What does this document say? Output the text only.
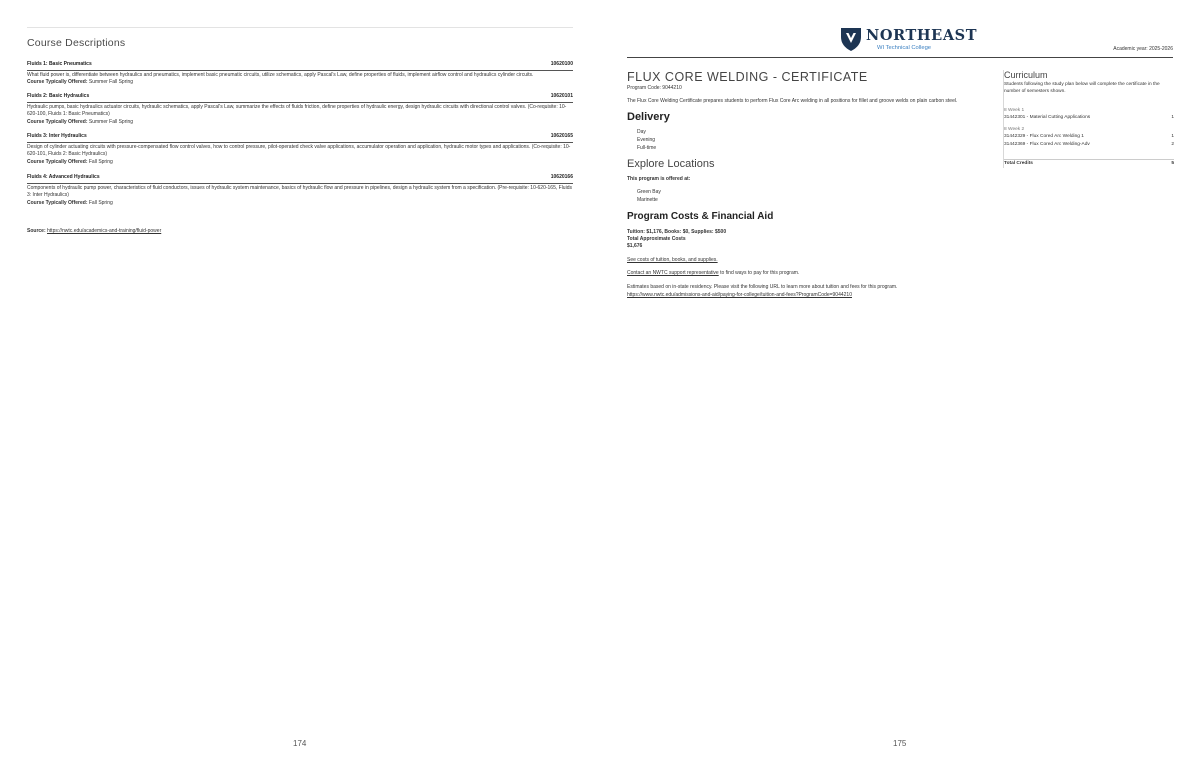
Course Descriptions
Fluids 1: Basic Pneumatics	10620100

What fluid power is, differentiate between hydraulics and pneumatics, implement basic pneumatic circuits, utilize schematics, apply Pascal's Law, define properties of fluids, implement airflow control and hydraulics cylinder circuits.

Course Typically Offered: Summer Fall Spring
Fluids 2: Basic Hydraulics	10620101

Hydraulic pumps, basic hydraulics actuator circuits, hydraulic schematics, apply Pascal's Law, summarize the effects of fluids friction, define properties of hydraulic energy, design hydraulic circuits with directional control valves. (Co-requisite: 10-620-100, Fluids 1: Basic Pneumatics)

Course Typically Offered: Summer Fall Spring
Fluids 3: Inter Hydraulics	10620165

Design of cylinder actuating circuits with pressure-compensated flow control valves, how to control pressure, pilot-operated check valve applications, accumulator operation and application, hydraulic motor types and applications. (Co-requisite: 10-620-101, Fluids 2: Basic Hydraulics)

Course Typically Offered: Fall Spring
Fluids 4: Advanced Hydraulics	10620166

Components of hydraulic pump power, characteristics of fluid conductors, issues of hydraulic system maintenance, basics of hydraulic flow and pressure in pipelines, design a hydraulic system from a specification. (Pre-requisite: 10-620-165, Fluids 3: Inter Hydraulics)

Course Typically Offered: Fall Spring
Source: https://nwtc.edu/academics-and-training/fluid-power
174
NORTHEAST
WI Technical College	Academic year: 2025-2026
FLUX CORE WELDING - CERTIFICATE
Program Code: 9044210
The Flux Core Welding Certificate prepares students to perform Flux Core Arc welding in all positions for fillet and groove welds on plain carbon steel.
Delivery
Day
Evening
Full-time
Explore Locations
This program is offered at:
Green Bay
Marinette
Program Costs & Financial Aid
Tuition: $1,176, Books: $0, Supplies: $500
Total Approximate Costs
$1,676
See costs of tuition, books, and supplies.
Contact an NWTC support representative to find ways to pay for this program.
Estimates based on in-state residency. Please visit the following URL to learn more about tuition and fees for this program.
https://www.nwtc.edu/admissions-and-aid/paying-for-college/tuition-and-fees?ProgramCode=9044210
Curriculum
Students following the study plan below will complete the certificate in the number of semesters shown.
8 Week 1
31442301 - Material Cutting Applications	1
8 Week 2
31442329 - Flux Cored Arc Welding 1	1
31442369 - Flux Cored Arc Welding-Adv	2
Total Credits	5
175
